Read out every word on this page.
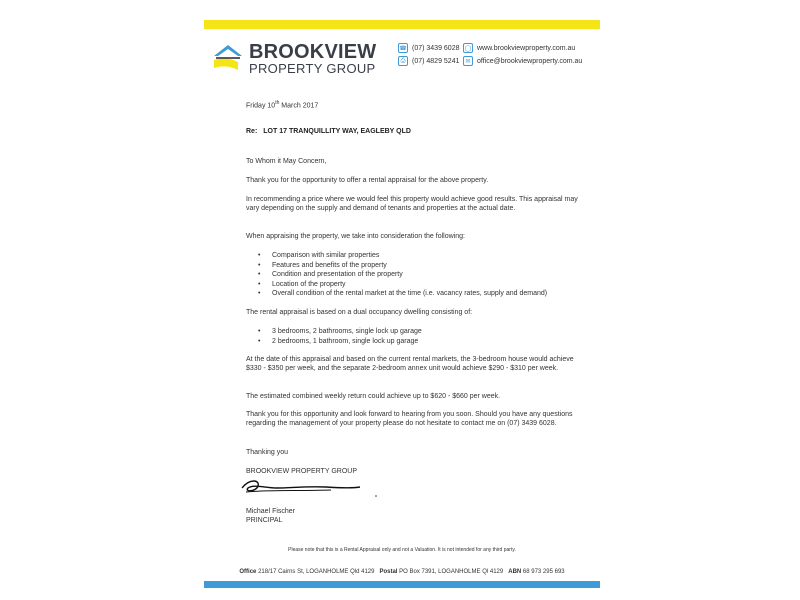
BROOKVIEW
PROPERTY GROUP
☎ (07) 3439 6028
⎙ (07) 4829 5241
◯ www.brookviewproperty.com.au
✉ office@brookviewproperty.com.au
Friday 10th March 2017
Re: LOT 17 TRANQUILLITY WAY, EAGLEBY QLD
To Whom it May Concern,
Thank you for the opportunity to offer a rental appraisal for the above property.
In recommending a price where we would feel this property would achieve good results. This appraisal may vary depending on the supply and demand of tenants and properties at the actual date.
When appraising the property, we take into consideration the following:
• Comparison with similar properties
• Features and benefits of the property
• Condition and presentation of the property
• Location of the property
• Overall condition of the rental market at the time (i.e. vacancy rates, supply and demand)
The rental appraisal is based on a dual occupancy dwelling consisting of:
• 3 bedrooms, 2 bathrooms, single lock up garage
• 2 bedrooms, 1 bathroom, single lock up garage
At the date of this appraisal and based on the current rental markets, the 3-bedroom house would achieve $330 - $350 per week, and the separate 2-bedroom annex unit would achieve $290 - $310 per week.
The estimated combined weekly return could achieve up to $620 - $660 per week.
Thank you for this opportunity and look forward to hearing from you soon. Should you have any questions regarding the management of your property please do not hesitate to contact me on (07) 3439 6028.
Thanking you
BROOKVIEW PROPERTY GROUP
Michael Fischer
PRINCIPAL
Please note that this is a Rental Appraisal only and not a Valuation. It is not intended for any third party.
Office 218/17 Cairns St, LOGANHOLME Qld 4129 Postal PO Box 7391, LOGANHOLME Ql 4129 ABN 68 973 295 693
